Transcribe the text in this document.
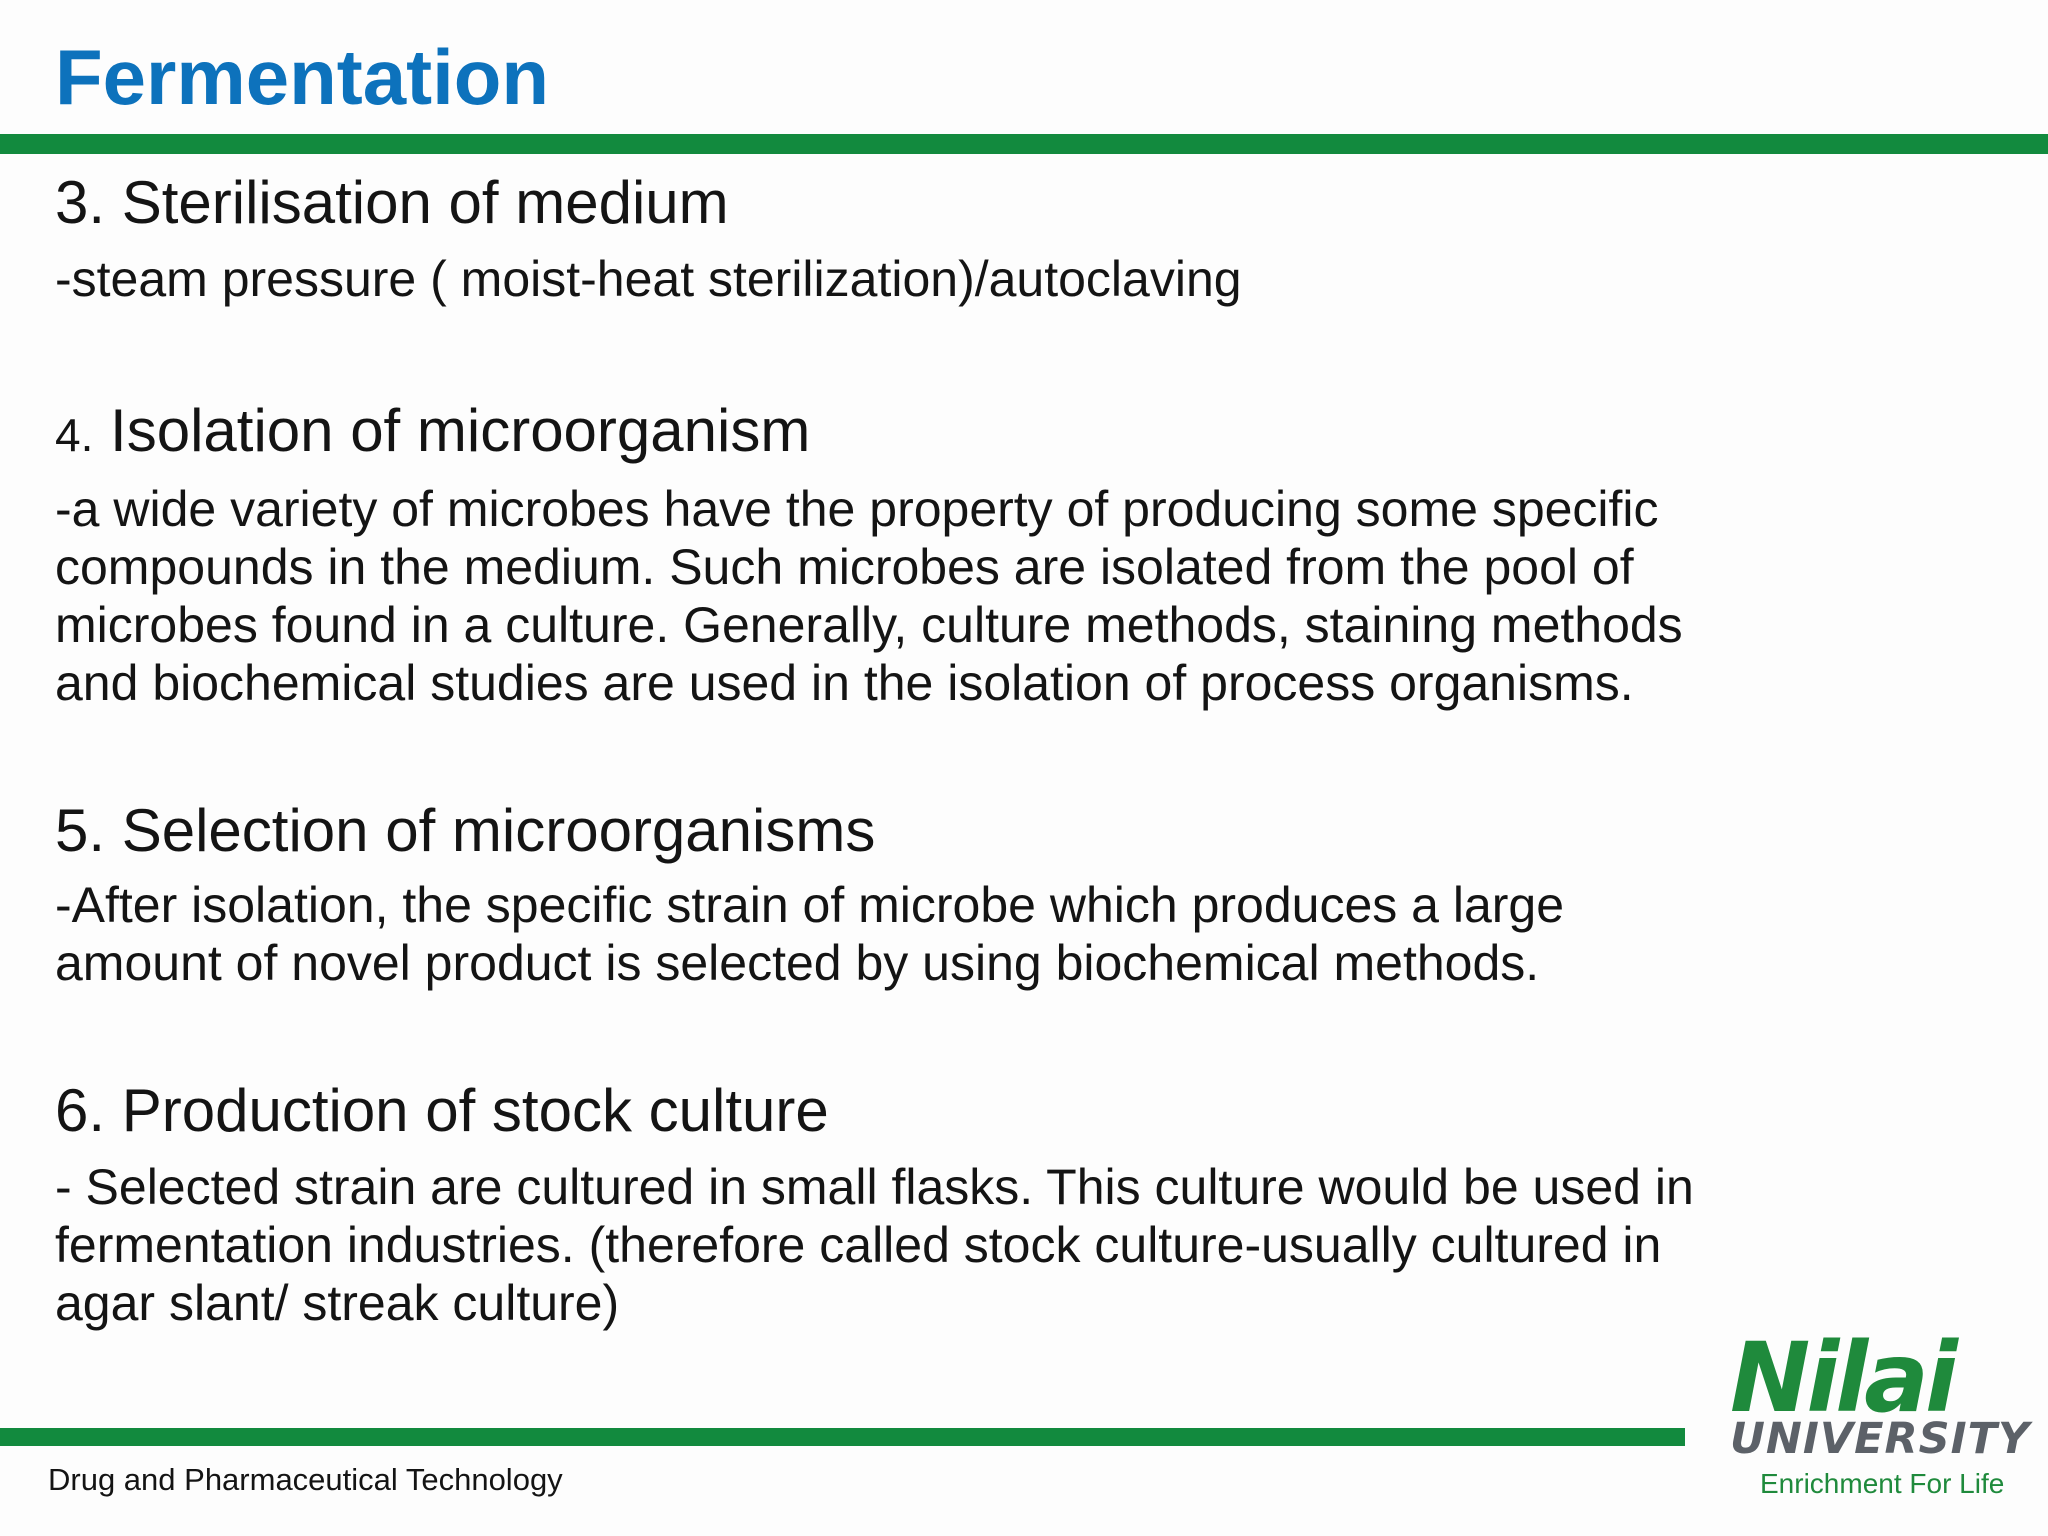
Fermentation

3. Sterilisation of medium

-steam pressure ( moist-heat sterilization)/autoclaving

4. Isolation of microorganism

-a wide variety of microbes have the property of producing some specific
compounds in the medium. Such microbes are isolated from the pool of
microbes found in a culture. Generally, culture methods, staining methods
and biochemical studies are used in the isolation of process organisms.

5. Selection of microorganisms

-After isolation, the specific strain of microbe which produces a large
amount of novel product is selected by using biochemical methods.

6. Production of stock culture

- Selected strain are cultured in small flasks. This culture would be used in
fermentation industries. (therefore called stock culture-usually cultured in
agar slant/ streak culture)
Drug and Pharmaceutical Technology
Nilai
UNIVERSITY
Enrichment For Life
